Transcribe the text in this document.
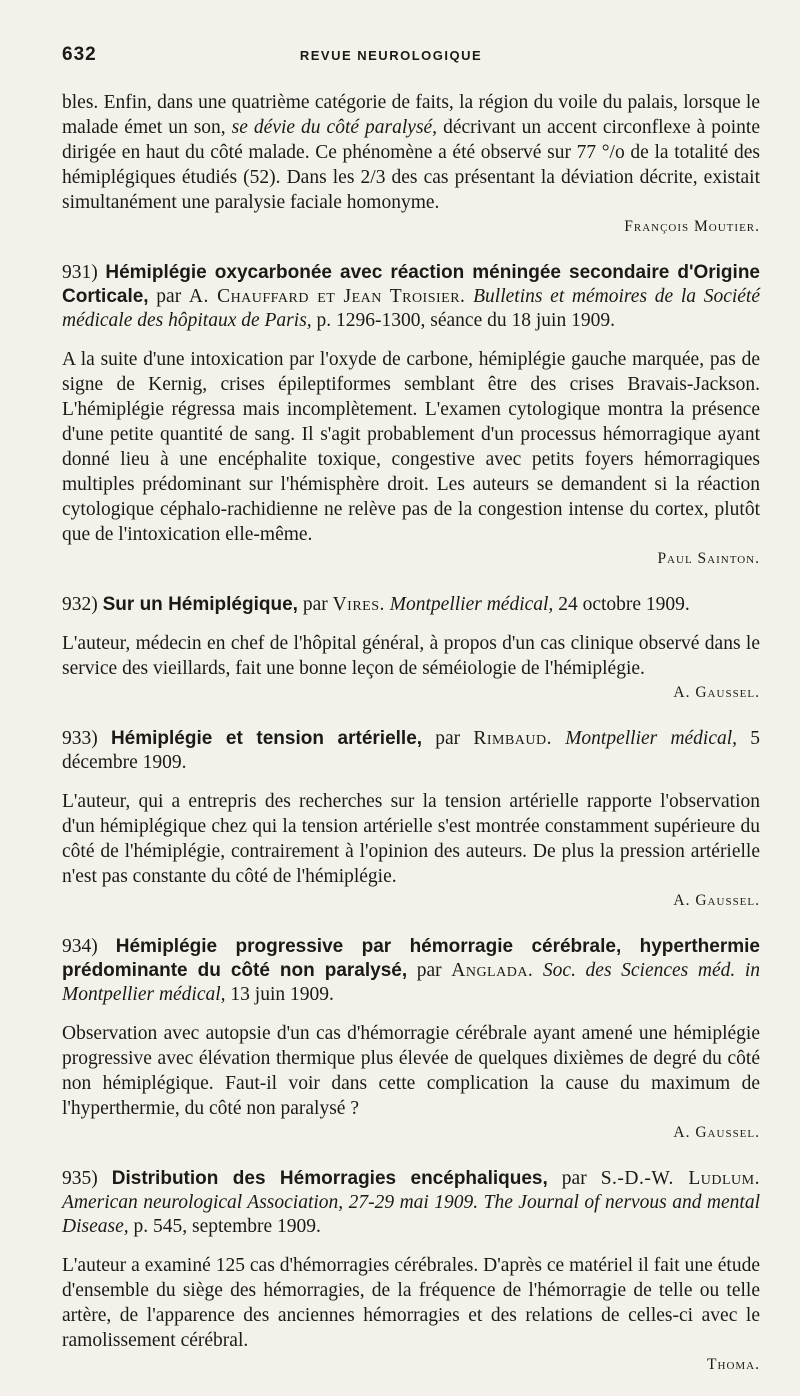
632	REVUE NEUROLOGIQUE

bles. Enfin, dans une quatrième catégorie de faits, la région du voile du palais, lorsque le malade émet un son, se dévie du côté paralysé, décrivant un accent circonflexe à pointe dirigée en haut du côté malade. Ce phénomène a été observé sur 77 °/o de la totalité des hémiplégiques étudiés (52). Dans les 2/3 des cas présentant la déviation décrite, existait simultanément une paralysie faciale homonyme.

François Moutier.
931) Hémiplégie oxycarbonée avec réaction méningée secondaire d'Origine Corticale, par A. Chauffard et Jean Troisier. Bulletins et mémoires de la Société médicale des hôpitaux de Paris, p. 1296-1300, séance du 18 juin 1909.

A la suite d'une intoxication par l'oxyde de carbone, hémiplégie gauche marquée, pas de signe de Kernig, crises épileptiformes semblant être des crises Bravais-Jackson. L'hémiplégie régressa mais incomplètement. L'examen cytologique montra la présence d'une petite quantité de sang. Il s'agit probablement d'un processus hémorragique ayant donné lieu à une encéphalite toxique, congestive avec petits foyers hémorragiques multiples prédominant sur l'hémisphère droit. Les auteurs se demandent si la réaction cytologique céphalo-rachidienne ne relève pas de la congestion intense du cortex, plutôt que de l'intoxication elle-même.

Paul Sainton.
932) Sur un Hémiplégique, par Vires. Montpellier médical, 24 octobre 1909.

L'auteur, médecin en chef de l'hôpital général, à propos d'un cas clinique observé dans le service des vieillards, fait une bonne leçon de séméiologie de l'hémiplégie.

A. Gaussel.
933) Hémiplégie et tension artérielle, par Rimbaud. Montpellier médical, 5 décembre 1909.

L'auteur, qui a entrepris des recherches sur la tension artérielle rapporte l'observation d'un hémiplégique chez qui la tension artérielle s'est montrée constamment supérieure du côté de l'hémiplégie, contrairement à l'opinion des auteurs. De plus la pression artérielle n'est pas constante du côté de l'hémiplégie.

A. Gaussel.
934) Hémiplégie progressive par hémorragie cérébrale, hyperthermie prédominante du côté non paralysé, par Anglada. Soc. des Sciences méd. in Montpellier médical, 13 juin 1909.

Observation avec autopsie d'un cas d'hémorragie cérébrale ayant amené une hémiplégie progressive avec élévation thermique plus élevée de quelques dixièmes de degré du côté non hémiplégique. Faut-il voir dans cette complication la cause du maximum de l'hyperthermie, du côté non paralysé ?

A. Gaussel.
935) Distribution des Hémorragies encéphaliques, par S.-D.-W. Ludlum. American neurological Association, 27-29 mai 1909. The Journal of nervous and mental Disease, p. 545, septembre 1909.

L'auteur a examiné 125 cas d'hémorragies cérébrales. D'après ce matériel il fait une étude d'ensemble du siège des hémorragies, de la fréquence de l'hémorragie de telle ou telle artère, de l'apparence des anciennes hémorragies et des relations de celles-ci avec le ramolissement cérébral.

Thoma.
